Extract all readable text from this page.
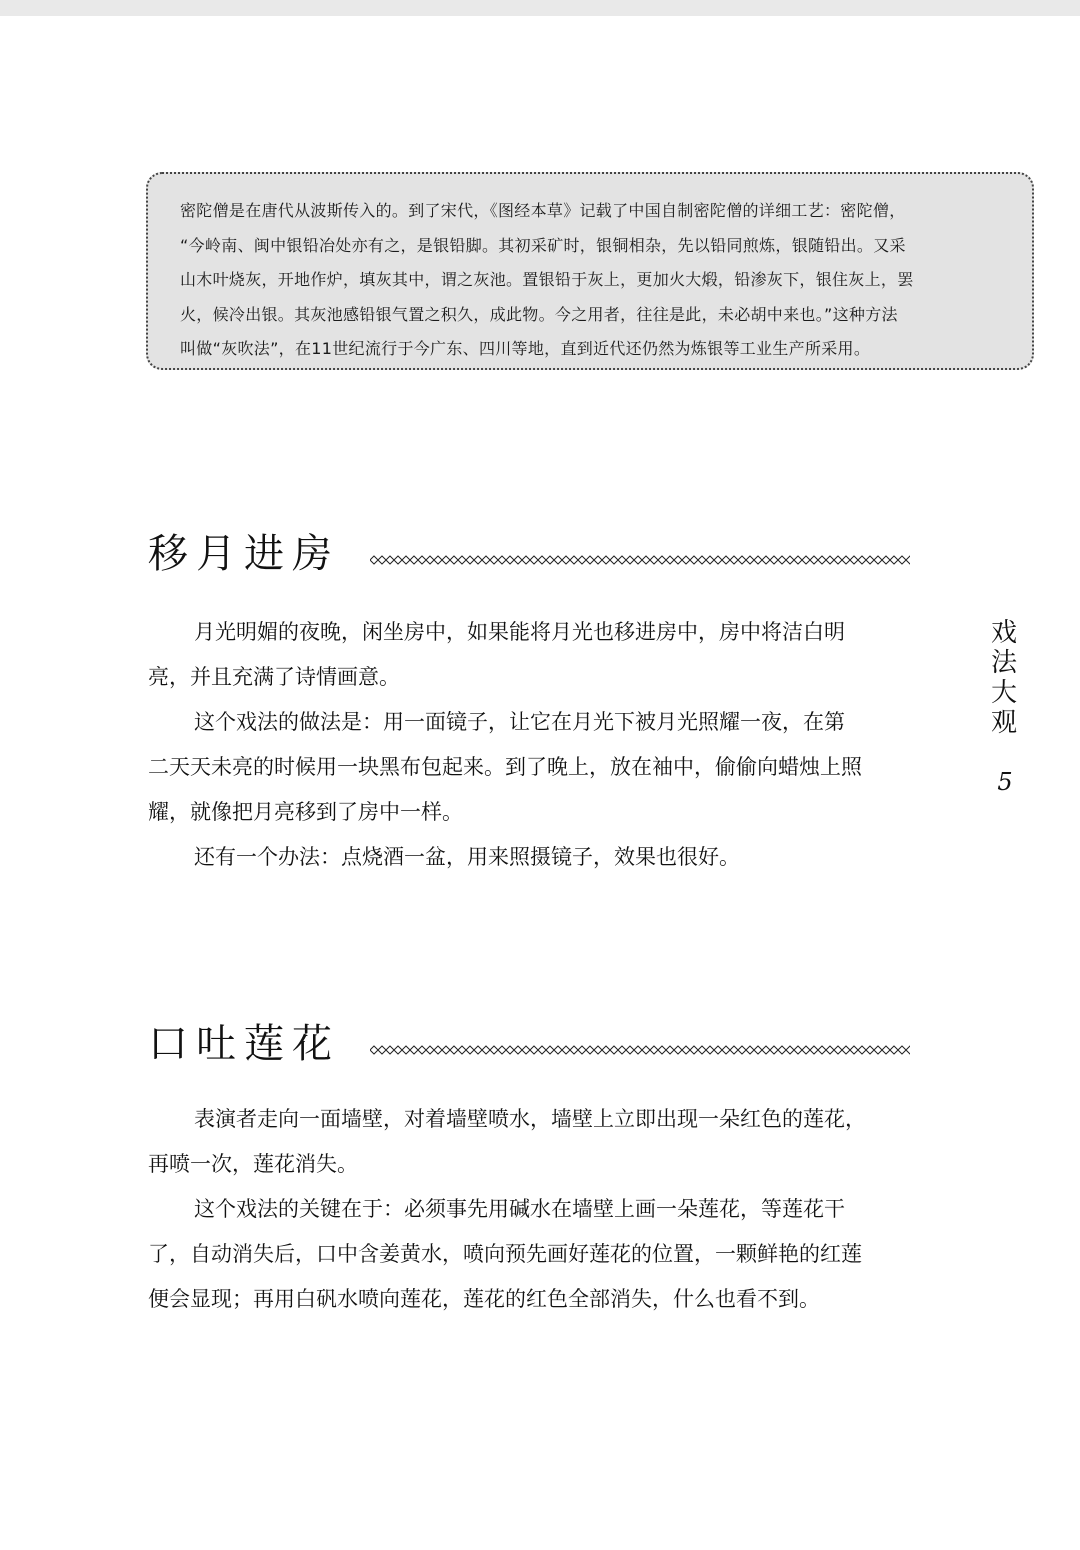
密陀僧是在唐代从波斯传入的。到了宋代，《图经本草》记载了中国自制密陀僧的详细工艺：密陀僧，
“今岭南、闽中银铅冶处亦有之，是银铅脚。其初采矿时，银铜相杂，先以铅同煎炼，银随铅出。又采
山木叶烧灰，开地作炉，填灰其中，谓之灰池。置银铅于灰上，更加火大煅，铅渗灰下，银住灰上，罢
火，候冷出银。其灰池感铅银气置之积久，成此物。今之用者，往往是此，未必胡中来也。”这种方法
叫做“灰吹法”，在11世纪流行于今广东、四川等地，直到近代还仍然为炼银等工业生产所采用。
移月进房

月光明媚的夜晚，闲坐房中，如果能将月光也移进房中，房中将洁白明
亮，并且充满了诗情画意。

这个戏法的做法是：用一面镜子，让它在月光下被月光照耀一夜，在第
二天天未亮的时候用一块黑布包起来。到了晚上，放在袖中，偷偷向蜡烛上照
耀，就像把月亮移到了房中一样。

还有一个办法：点烧酒一盆，用来照摄镜子，效果也很好。

口吐莲花

表演者走向一面墙壁，对着墙壁喷水，墙壁上立即出现一朵红色的莲花，
再喷一次，莲花消失。

这个戏法的关键在于：必须事先用碱水在墙壁上画一朵莲花，等莲花干
了，自动消失后，口中含姜黄水，喷向预先画好莲花的位置，一颗鲜艳的红莲
便会显现；再用白矾水喷向莲花，莲花的红色全部消失，什么也看不到。

戏
法
大
观
5
